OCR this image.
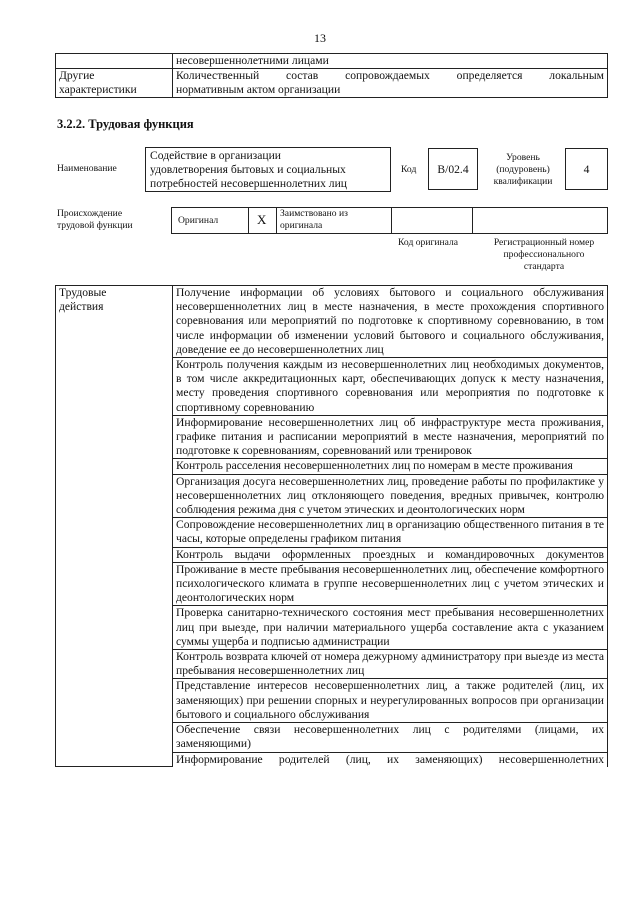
13
	несовершеннолетними лицами
Другие характеристики	Количественный состав сопровождаемых определяется локальным
нормативным актом организации
3.2.2. Трудовая функция
Наименование
Содействие в организации
удовлетворения бытовых и социальных
потребностей несовершеннолетних лиц
Код	B/02.4
Уровень
(подуровень)
квалификации
4
Происхождение
трудовой функции	Оригинал	X Заимствовано из
оригинала
Код оригинала	Регистрационный номер
профессионального
стандарта
Трудовые
действия
	Получение информации об условиях бытового и социального обслуживания несовершеннолетних лиц в месте назначения, в месте прохождения спортивного соревнования или мероприятий по подготовке к спортивному соревнованию, в том числе информации об изменении условий бытового и социального обслуживания, доведение ее до несовершеннолетних лиц
Контроль получения каждым из несовершеннолетних лиц необходимых документов, в том числе аккредитационных карт, обеспечивающих допуск к месту назначения, месту проведения спортивного соревнования или мероприятия по подготовке к спортивному соревнованию
Информирование несовершеннолетних лиц об инфраструктуре места проживания, графике питания и расписании мероприятий в месте назначения, мероприятий по подготовке к соревнованиям, соревнований или тренировок
Контроль расселения несовершеннолетних лиц по номерам в месте проживания
Организация досуга несовершеннолетних лиц, проведение работы по профилактике у несовершеннолетних лиц отклоняющего поведения, вредных привычек, контролю соблюдения режима дня с учетом этических и деонтологических норм
Сопровождение несовершеннолетних лиц в организацию общественного питания в те часы, которые определены графиком питания
Контроль выдачи оформленных проездных и командировочных документов
Проживание в месте пребывания несовершеннолетних лиц, обеспечение комфортного психологического климата в группе несовершеннолетних лиц с учетом этических и деонтологических норм
Проверка санитарно-технического состояния мест пребывания несовершеннолетних лиц при выезде, при наличии материального ущерба составление акта с указанием суммы ущерба и подписью администрации
Контроль возврата ключей от номера дежурному администратору при выезде из места пребывания несовершеннолетних лиц
Представление интересов несовершеннолетних лиц, а также родителей (лиц, их заменяющих) при решении спорных и неурегулированных вопросов при организации бытового и социального обслуживания
Обеспечение связи несовершеннолетних лиц с родителями (лицами, их заменяющими)
Информирование родителей (лиц, их заменяющих) несовершеннолетних
